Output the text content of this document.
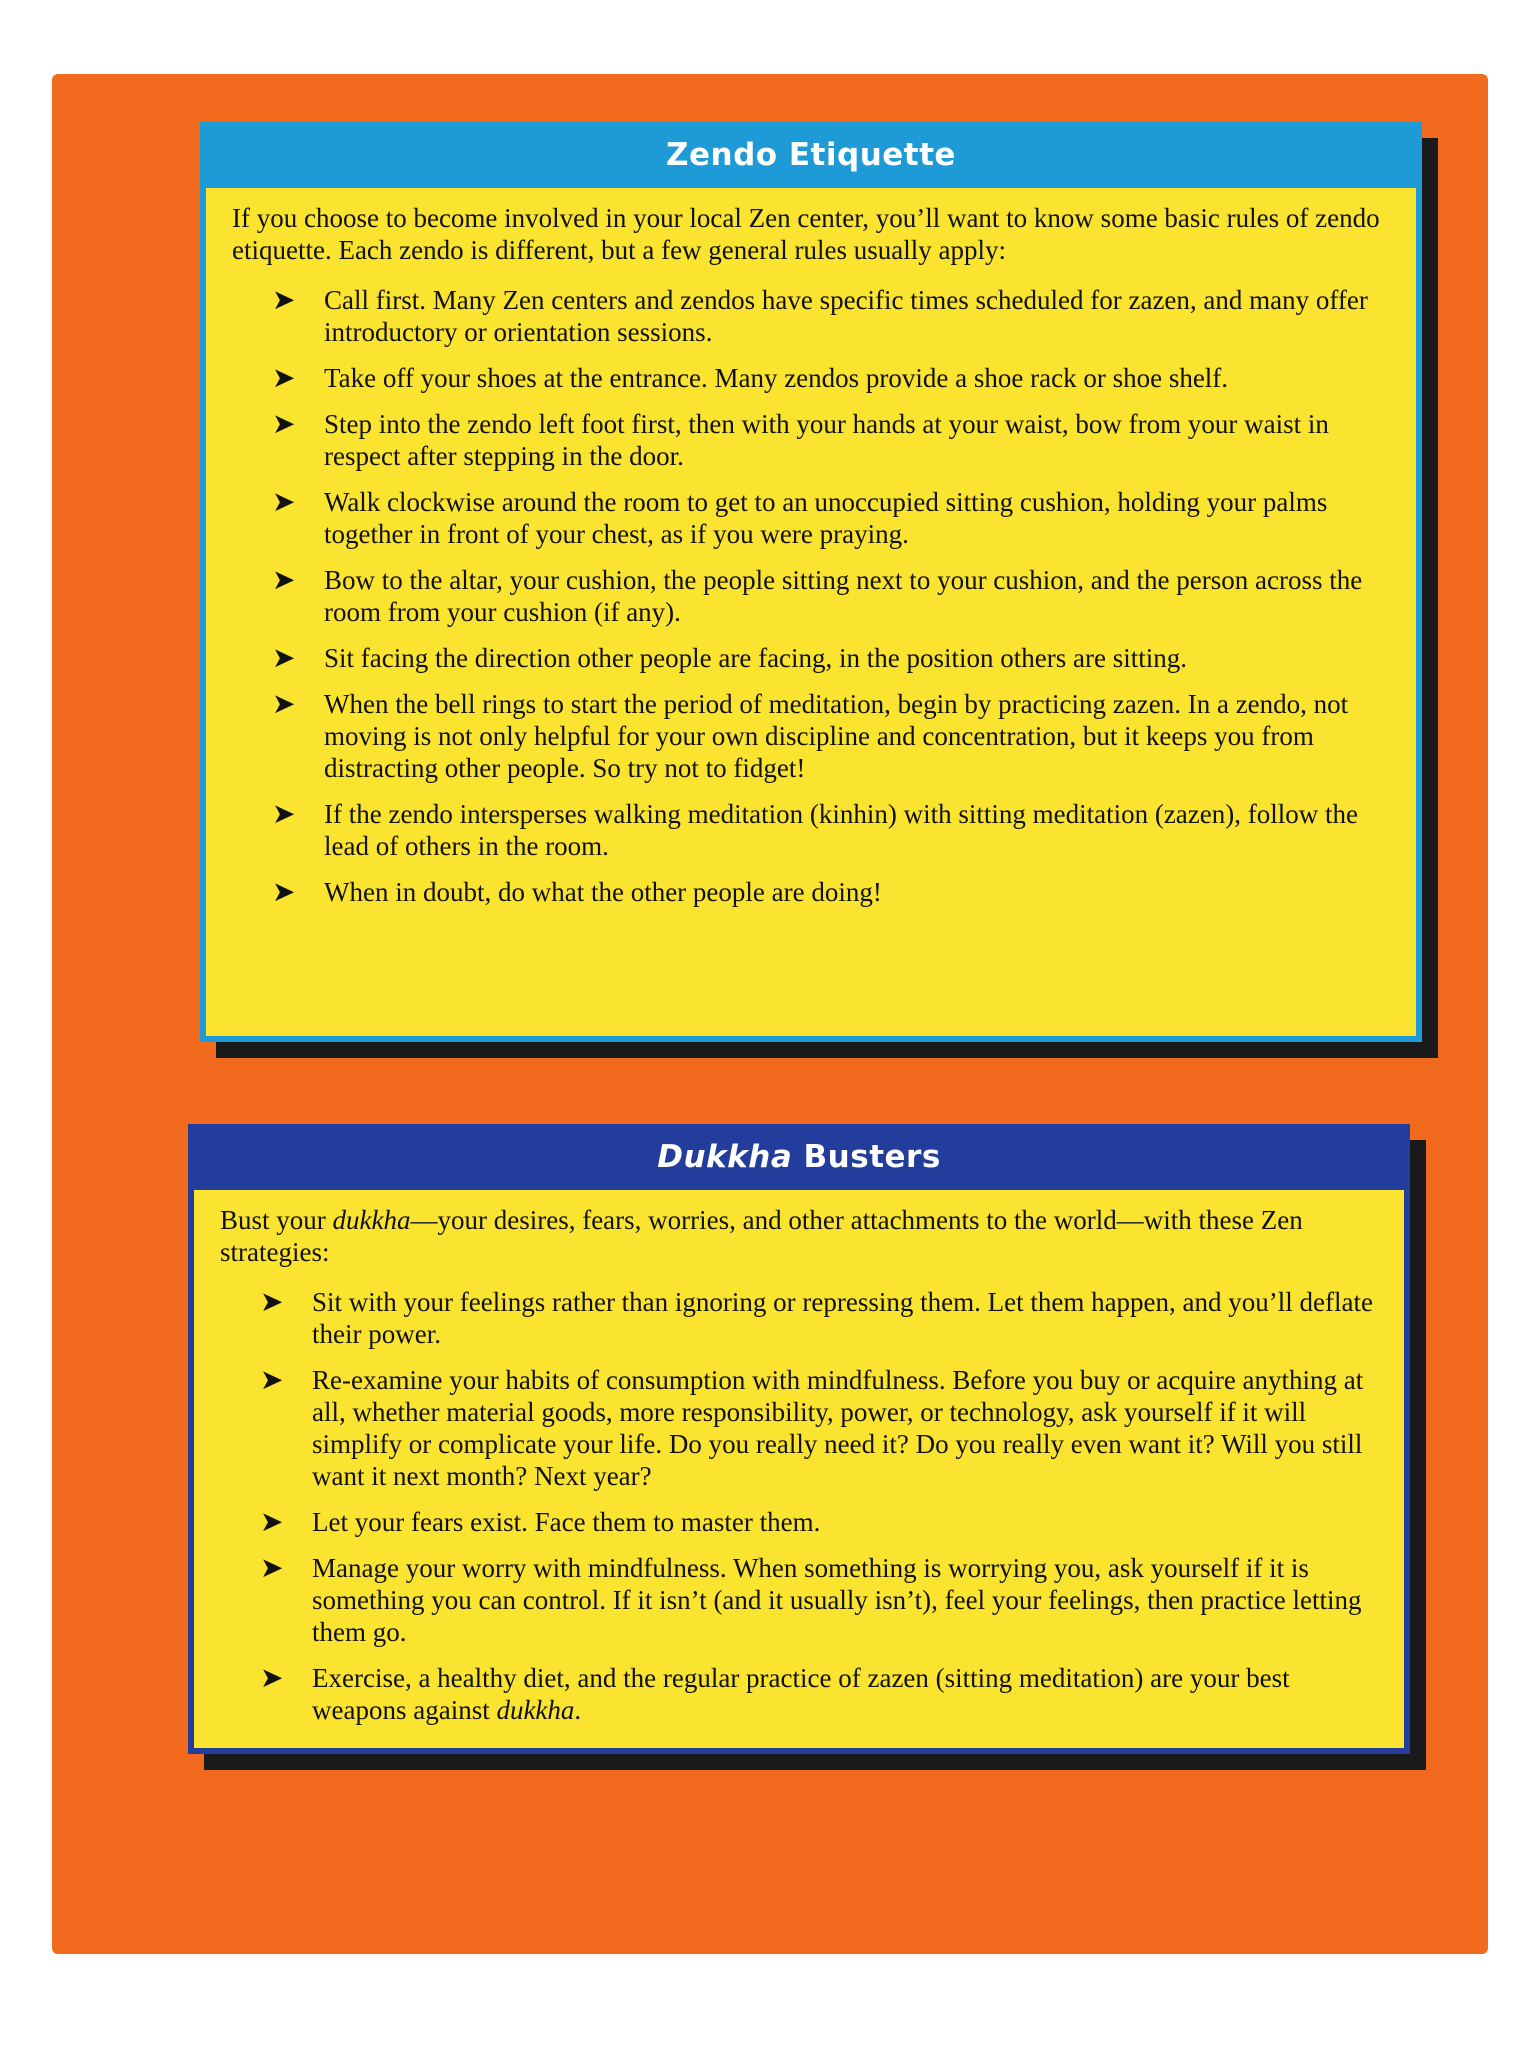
Zendo Etiquette

If you choose to become involved in your local Zen center, you’ll want to know some basic rules of zendo etiquette. Each zendo is different, but a few general rules usually apply:

➤ Call first. Many Zen centers and zendos have specific times scheduled for zazen, and many offer introductory or orientation sessions.
➤ Take off your shoes at the entrance. Many zendos provide a shoe rack or shoe shelf.
➤ Step into the zendo left foot first, then with your hands at your waist, bow from your waist in respect after stepping in the door.
➤ Walk clockwise around the room to get to an unoccupied sitting cushion, holding your palms together in front of your chest, as if you were praying.
➤ Bow to the altar, your cushion, the people sitting next to your cushion, and the person across the room from your cushion (if any).
➤ Sit facing the direction other people are facing, in the position others are sitting.
➤ When the bell rings to start the period of meditation, begin by practicing zazen. In a zendo, not moving is not only helpful for your own discipline and concentration, but it keeps you from distracting other people. So try not to fidget!
➤ If the zendo intersperses walking meditation (kinhin) with sitting meditation (zazen), follow the lead of others in the room.
➤ When in doubt, do what the other people are doing!
Dukkha Busters

Bust your dukkha—your desires, fears, worries, and other attachments to the world—with these Zen strategies:

➤ Sit with your feelings rather than ignoring or repressing them. Let them happen, and you’ll deflate their power.
➤ Re-examine your habits of consumption with mindfulness. Before you buy or acquire anything at all, whether material goods, more responsibility, power, or technology, ask yourself if it will simplify or complicate your life. Do you really need it? Do you really even want it? Will you still want it next month? Next year?
➤ Let your fears exist. Face them to master them.
➤ Manage your worry with mindfulness. When something is worrying you, ask yourself if it is something you can control. If it isn’t (and it usually isn’t), feel your feelings, then practice letting them go.
➤ Exercise, a healthy diet, and the regular practice of zazen (sitting meditation) are your best weapons against dukkha.
